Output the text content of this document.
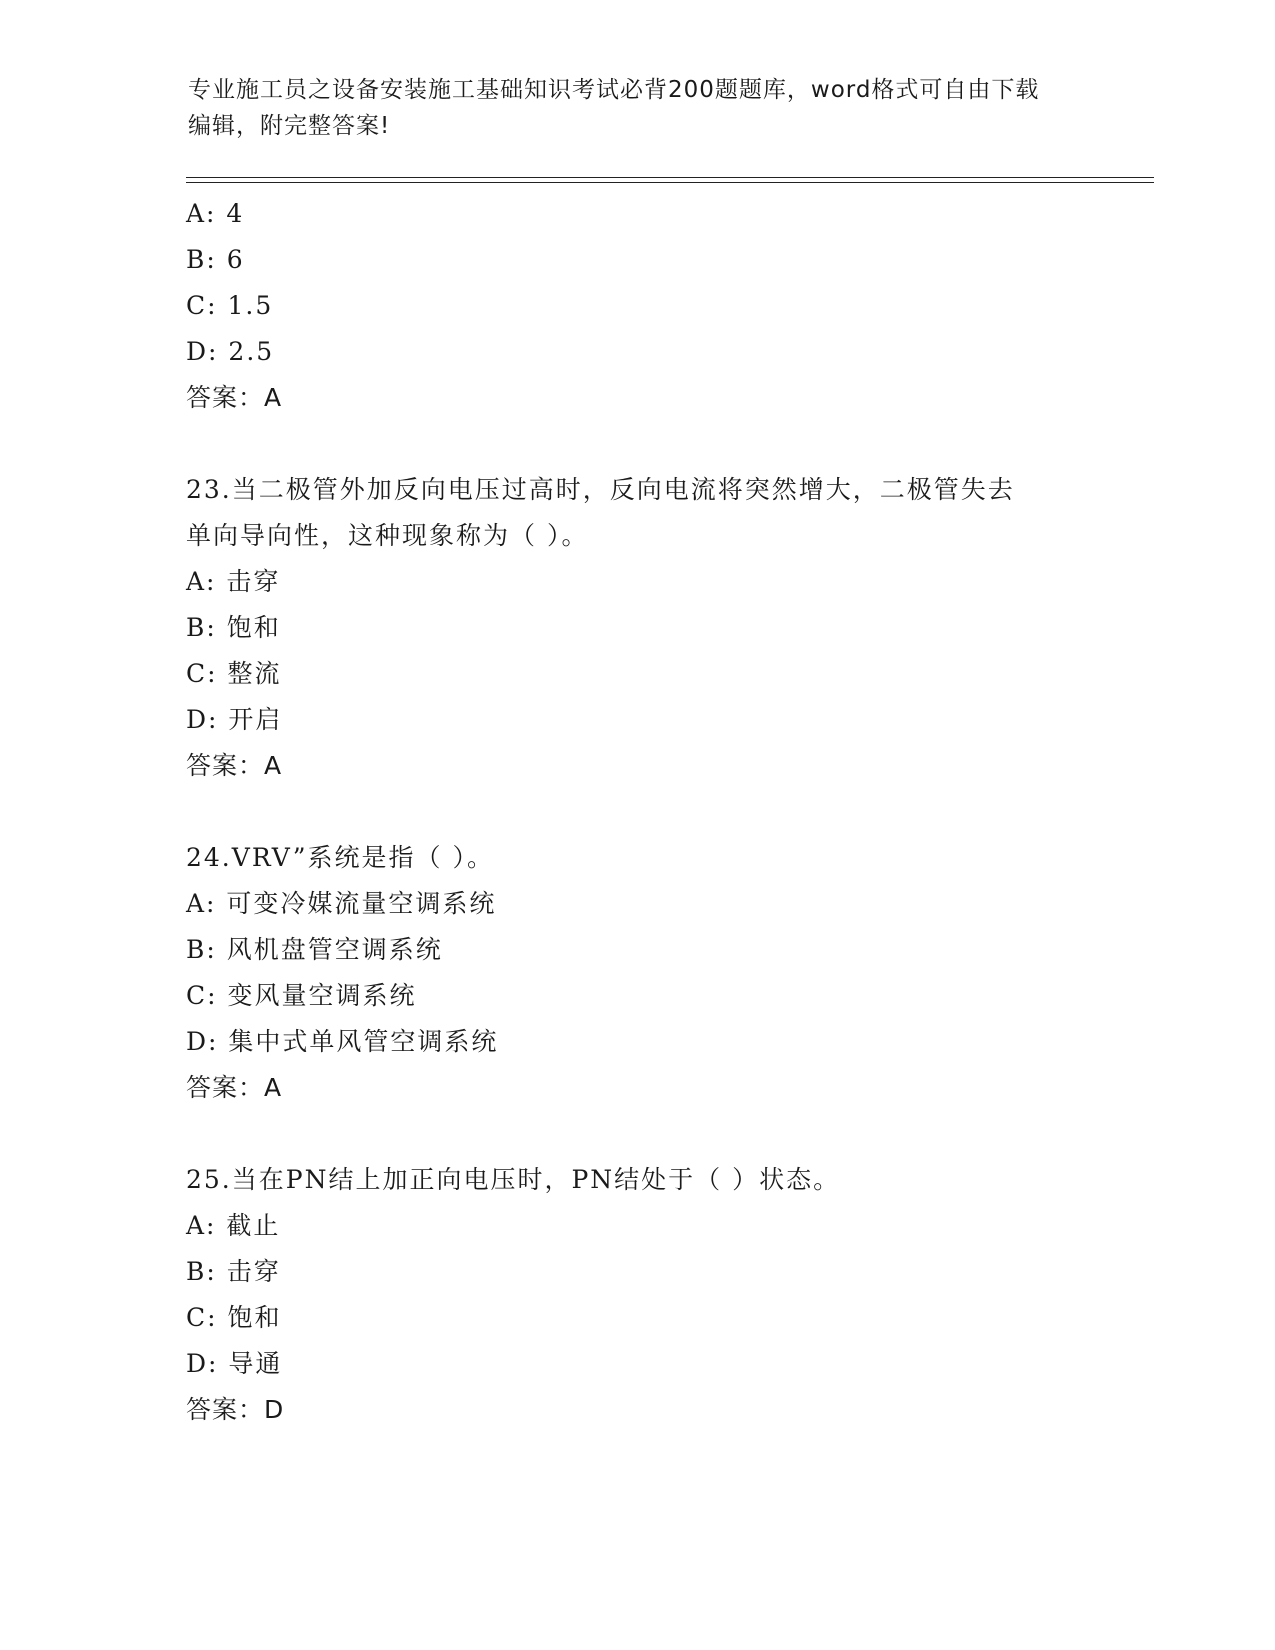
专业施工员之设备安装施工基础知识考试必背200题题库，word格式可自由下载
编辑，附完整答案!
A: 4
B: 6
C: 1.5
D: 2.5
答案：A
23.当二极管外加反向电压过高时，反向电流将突然增大，二极管失去
单向导向性，这种现象称为（ ）。
A: 击穿
B: 饱和
C: 整流
D: 开启
答案：A
24.VRV”系统是指（ ）。
A: 可变冷媒流量空调系统
B: 风机盘管空调系统
C: 变风量空调系统
D: 集中式单风管空调系统
答案：A
25.当在PN结上加正向电压时，PN结处于（ ）状态。
A: 截止
B: 击穿
C: 饱和
D: 导通
答案：D
